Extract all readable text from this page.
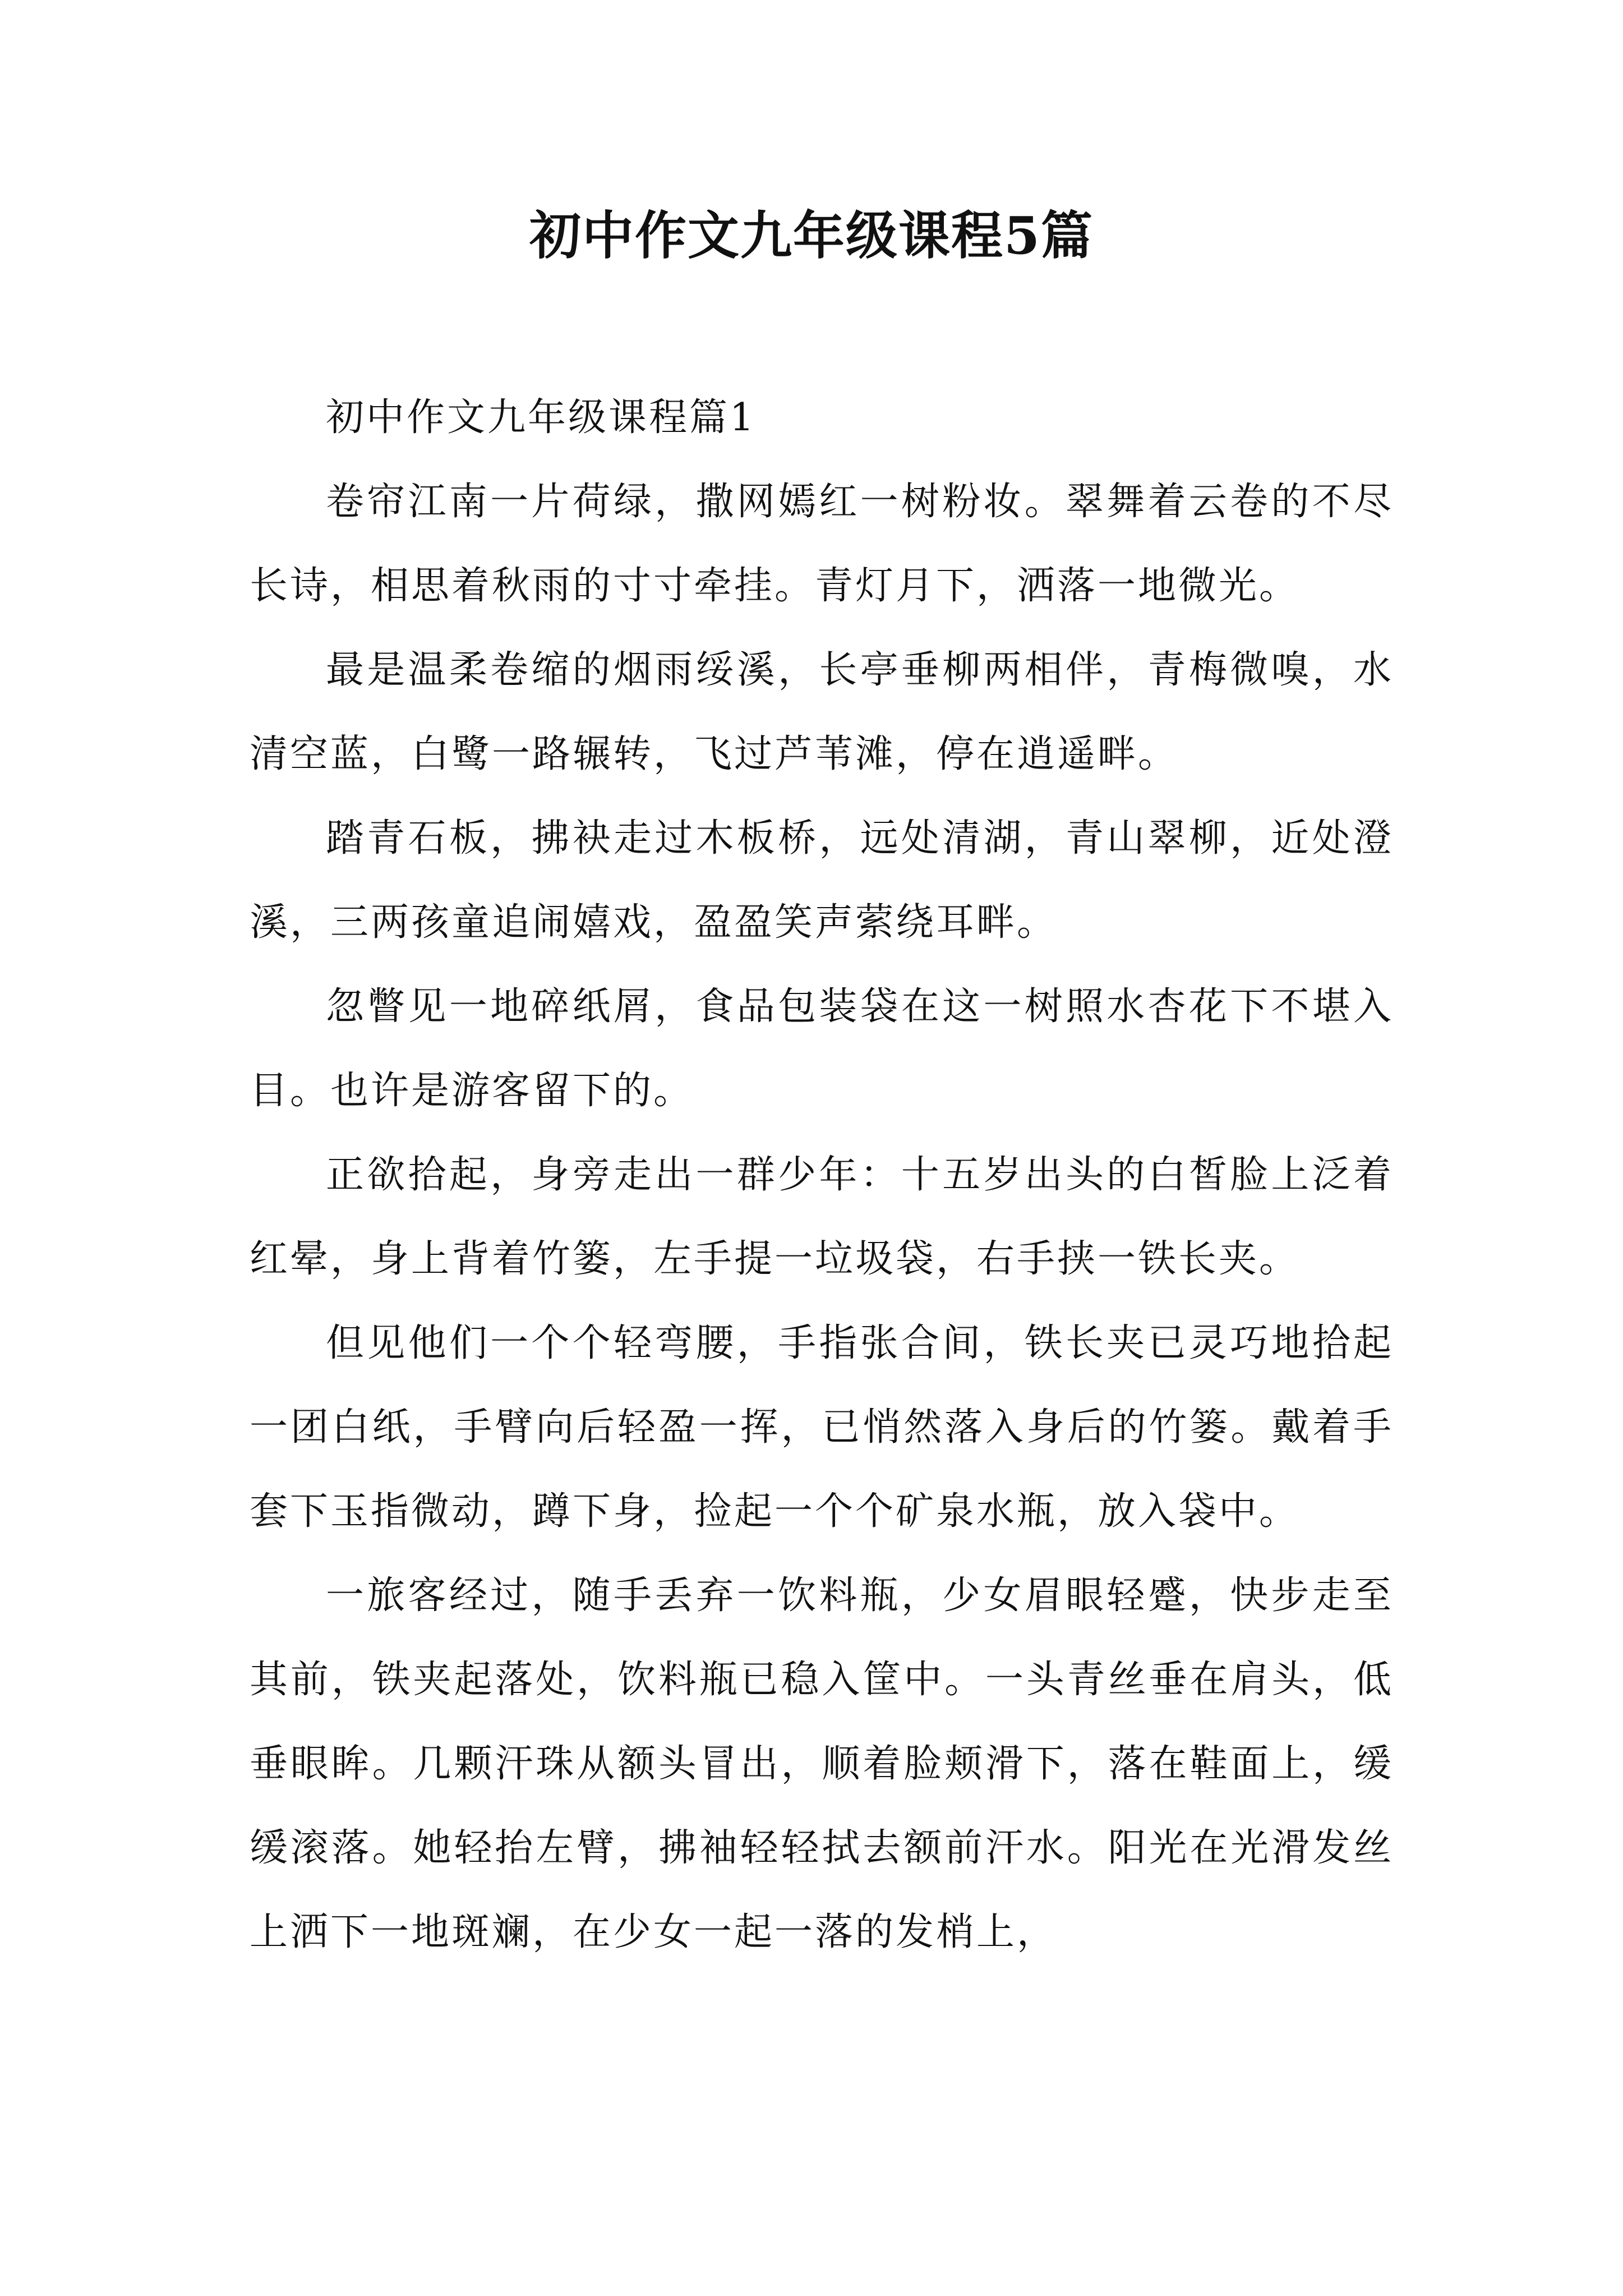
初中作文九年级课程5篇

初中作文九年级课程篇1

卷帘江南一片荷绿，撒网嫣红一树粉妆。翠舞着云卷的不尽长诗，相思着秋雨的寸寸牵挂。青灯月下，洒落一地微光。

最是温柔卷缩的烟雨绥溪，长亭垂柳两相伴，青梅微嗅，水清空蓝，白鹭一路辗转，飞过芦苇滩，停在逍遥畔。

踏青石板，拂袂走过木板桥，远处清湖，青山翠柳，近处澄溪，三两孩童追闹嬉戏，盈盈笑声萦绕耳畔。

忽瞥见一地碎纸屑，食品包装袋在这一树照水杏花下不堪入目。也许是游客留下的。

正欲拾起，身旁走出一群少年：十五岁出头的白皙脸上泛着红晕，身上背着竹篓，左手提一垃圾袋，右手挟一铁长夹。

但见他们一个个轻弯腰，手指张合间，铁长夹已灵巧地拾起一团白纸，手臂向后轻盈一挥，已悄然落入身后的竹篓。戴着手套下玉指微动，蹲下身，捡起一个个矿泉水瓶，放入袋中。

一旅客经过，随手丢弃一饮料瓶，少女眉眼轻蹙，快步走至其前，铁夹起落处，饮料瓶已稳入筐中。一头青丝垂在肩头，低垂眼眸。几颗汗珠从额头冒出，顺着脸颊滑下，落在鞋面上，缓缓滚落。她轻抬左臂，拂袖轻轻拭去额前汗水。阳光在光滑发丝上洒下一地斑斓，在少女一起一落的发梢上，
